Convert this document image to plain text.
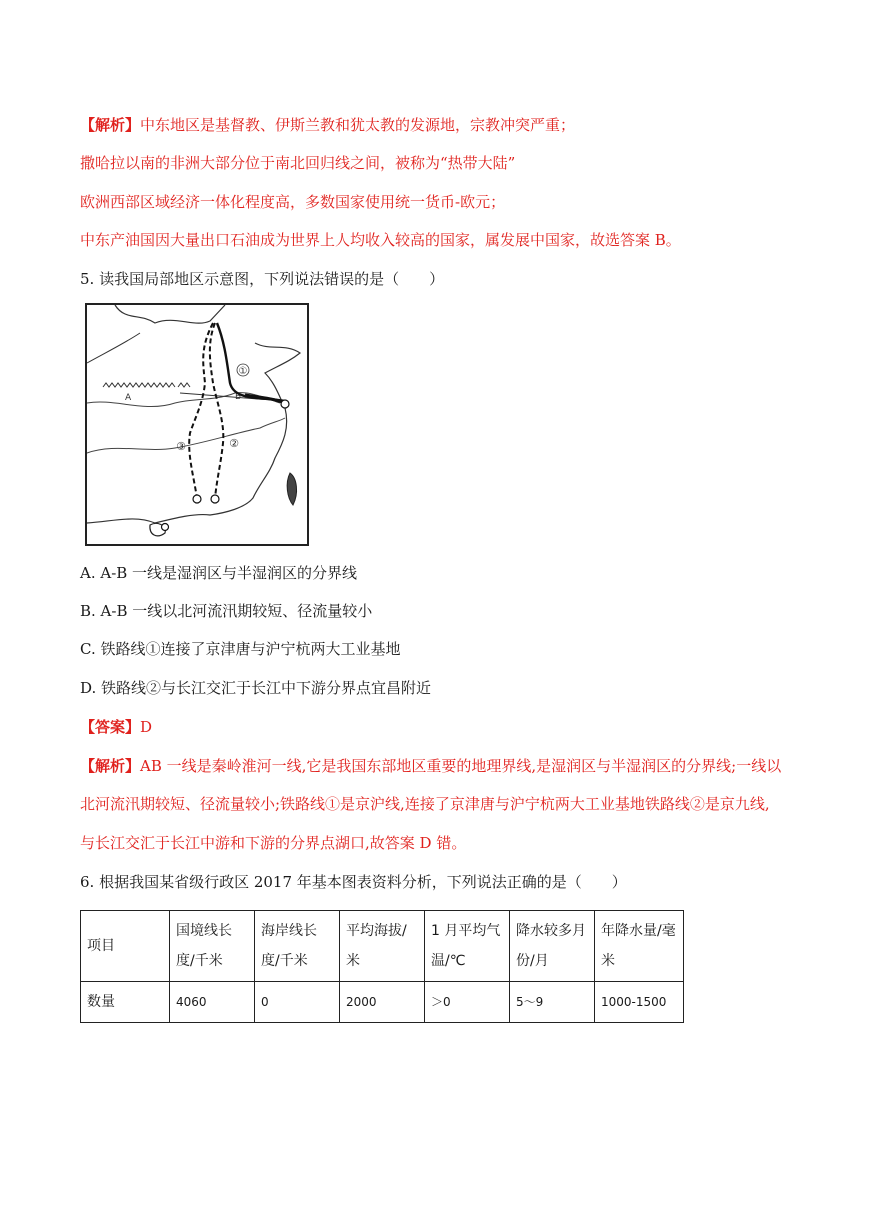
【解析】中东地区是基督教、伊斯兰教和犹太教的发源地，宗教冲突严重；
撒哈拉以南的非洲大部分位于南北回归线之间，被称为“热带大陆”
欧洲西部区域经济一体化程度高，多数国家使用统一货币-欧元；
中东产油国因大量出口石油成为世界上人均收入较高的国家，属发展中国家，故选答案 B。
5. 读我国局部地区示意图，下列说法错误的是（　　）
A	B
①
②
③
A. A-B 一线是湿润区与半湿润区的分界线
B. A-B 一线以北河流汛期较短、径流量较小
C. 铁路线①连接了京津唐与沪宁杭两大工业基地
D. 铁路线②与长江交汇于长江中下游分界点宜昌附近
【答案】D
【解析】AB 一线是秦岭淮河一线,它是我国东部地区重要的地理界线,是湿润区与半湿润区的分界线;一线以
北河流汛期较短、径流量较小;铁路线①是京沪线,连接了京津唐与沪宁杭两大工业基地铁路线②是京九线,
与长江交汇于长江中游和下游的分界点湖口,故答案 D 错。
6. 根据我国某省级行政区 2017 年基本图表资料分析，下列说法正确的是（　　）
项目	国境线长度/千米	海岸线长度/千米	平均海拔/米	1 月平均气温/℃	降水较多月份/月	年降水量/毫米
数量	4060	0	2000	＞0	5～9	1000-1500
